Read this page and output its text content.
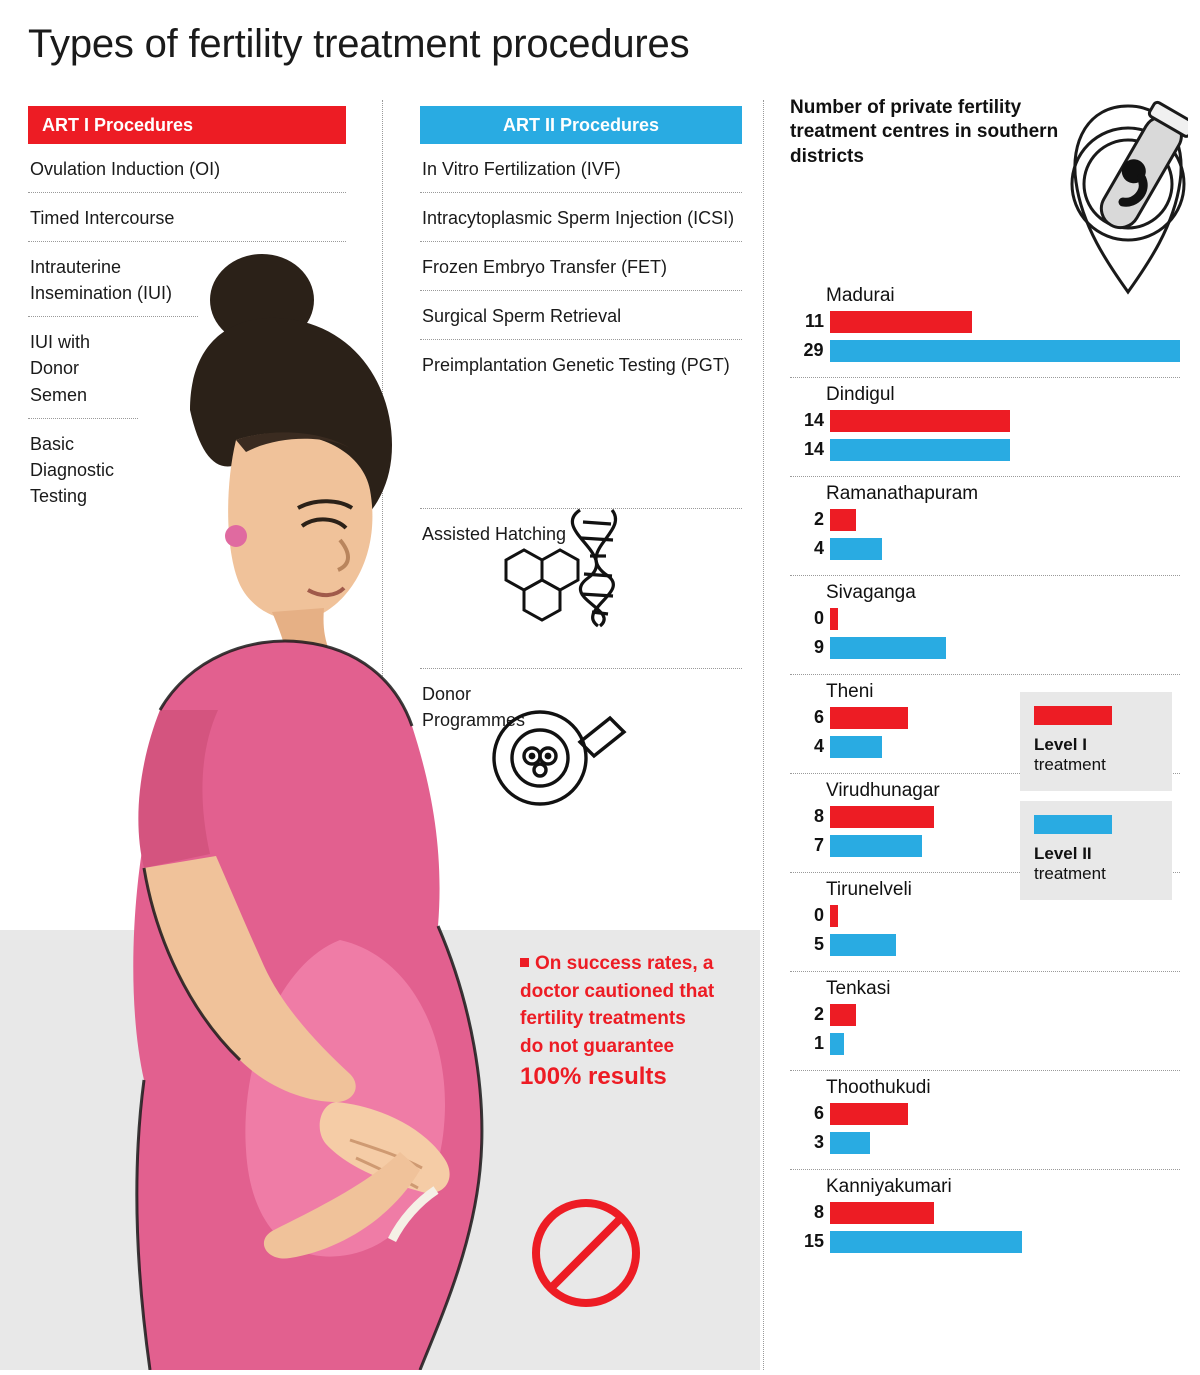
Types of fertility treatment procedures
ART I Procedures
Ovulation Induction (OI)
Timed Intercourse
Intrauterine Insemination (IUI)
IUI with Donor Semen
Basic Diagnostic Testing
ART II Procedures
In Vitro Fertilization (IVF)
Intracytoplasmic Sperm Injection (ICSI)
Frozen Embryo Transfer (FET)
Surgical Sperm Retrieval
Preimplantation Genetic Testing (PGT)
Assisted Hatching
Donor Programmes
On success rates, a doctor cautioned that fertility treatments
do not guarantee
100% results
Number of private fertility treatment centres in southern districts
Madurai
11
29
Dindigul
14
14
Ramanathapuram
2
4
Sivaganga
0
9
Theni
6
4
Virudhunagar
8
7
Tirunelveli
0
5
Tenkasi
2
1
Thoothukudi
6
3
Kanniyakumari
8
15
Level I
treatment
Level II
treatment
